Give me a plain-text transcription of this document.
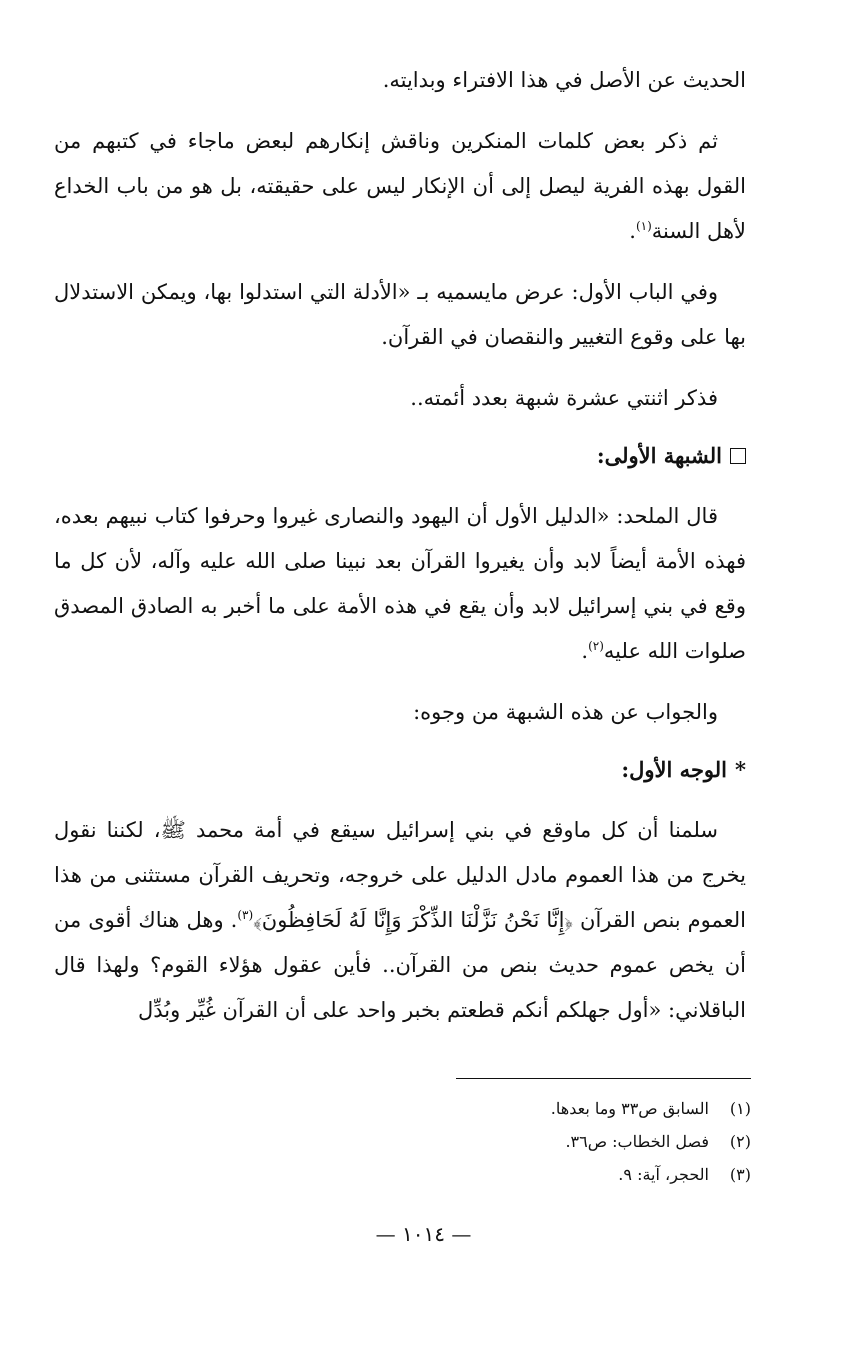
الحديث عن الأصل في هذا الافتراء وبدايته.

ثم ذكر بعض كلمات المنكرين وناقش إنكارهم لبعض ماجاء في كتبهم من القول بهذه الفرية ليصل إلى أن الإنكار ليس على حقيقته، بل هو من باب الخداع لأهل السنة$^{(١)}$.

وفي الباب الأول: عرض مايسميه بـ «الأدلة التي استدلوا بها، ويمكن الاستدلال بها على وقوع التغيير والنقصان في القرآن.

فذكر اثنتي عشرة شبهة بعدد أئمته..

الشبهة الأولى:

قال الملحد: «الدليل الأول أن اليهود والنصارى غيروا وحرفوا كتاب نبيهم بعده، فهذه الأمة أيضاً لابد وأن يغيروا القرآن بعد نبينا صلى الله عليه وآله، لأن كل ما وقع في بني إسرائيل لابد وأن يقع في هذه الأمة على ما أخبر به الصادق المصدق صلوات الله عليه$^{(٢)}$.

والجواب عن هذه الشبهة من وجوه:

*
الوجه الأول:

سلمنا أن كل ماوقع في بني إسرائيل سيقع في أمة محمد ﷺ، لكننا نقول يخرج من هذا العموم مادل الدليل على خروجه، وتحريف القرآن مستثنى من هذا العموم بنص القرآن ﴿إِنَّا نَحْنُ نَزَّلْنَا الذِّكْرَ وَإِنَّا لَهُ لَحَافِظُونَ﴾$^{(٣)}$. وهل هناك أقوى من أن يخص عموم حديث بنص من القرآن.. فأين عقول هؤلاء القوم؟ ولهذا قال الباقلاني: «أول جهلكم أنكم قطعتم بخبر واحد على أن القرآن غُيِّر وبُدِّل

(١)السابق ص٣٣ وما بعدها.
(٢)فصل الخطاب: ص٣٦.
(٣)الحجر، آية: ٩.
— ١٠١٤ —
